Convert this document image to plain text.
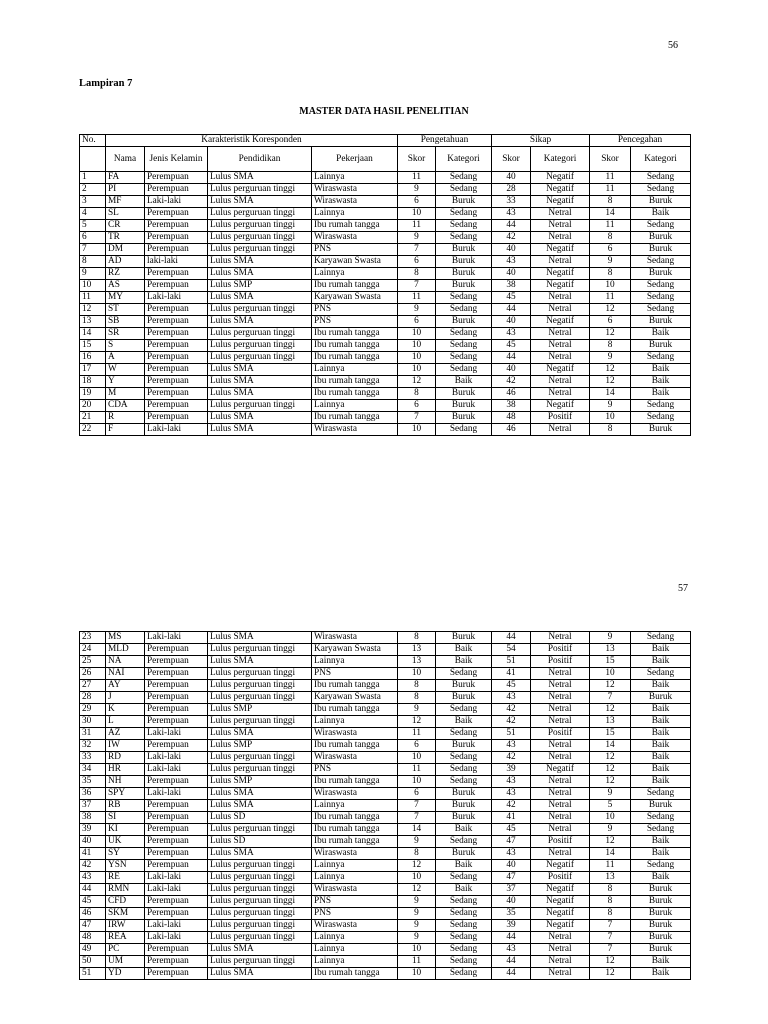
56
Lampiran 7
MASTER DATA HASIL PENELITIAN
No.	Karakteristik Koresponden				Pengetahuan		Sikap		Pencegahan	
	Nama	Jenis Kelamin	Pendidikan	Pekerjaan	Skor	Kategori	Skor	Kategori	Skor	Kategori
1	FA	Perempuan	Lulus SMA	Lainnya	11	Sedang	40	Negatif	11	Sedang
2	PI	Perempuan	Lulus perguruan tinggi	Wiraswasta	9	Sedang	28	Negatif	11	Sedang
3	MF	Laki-laki	Lulus SMA	Wiraswasta	6	Buruk	33	Negatif	8	Buruk
4	SL	Perempuan	Lulus perguruan tinggi	Lainnya	10	Sedang	43	Netral	14	Baik
5	CR	Perempuan	Lulus perguruan tinggi	Ibu rumah tangga	11	Sedang	44	Netral	11	Sedang
6	TR	Perempuan	Lulus perguruan tinggi	Wiraswasta	9	Sedang	42	Netral	8	Buruk
7	DM	Perempuan	Lulus perguruan tinggi	PNS	7	Buruk	40	Negatif	6	Buruk
8	AD	laki-laki	Lulus SMA	Karyawan Swasta	6	Buruk	43	Netral	9	Sedang
9	RZ	Perempuan	Lulus SMA	Lainnya	8	Buruk	40	Negatif	8	Buruk
10	AS	Perempuan	Lulus SMP	Ibu rumah tangga	7	Buruk	38	Negatif	10	Sedang
11	MY	Laki-laki	Lulus SMA	Karyawan Swasta	11	Sedang	45	Netral	11	Sedang
12	ST	Perempuan	Lulus perguruan tinggi	PNS	9	Sedang	44	Netral	12	Sedang
13	SB	Perempuan	Lulus SMA	PNS	6	Buruk	40	Negatif	6	Buruk
14	SR	Perempuan	Lulus perguruan tinggi	Ibu rumah tangga	10	Sedang	43	Netral	12	Baik
15	S	Perempuan	Lulus perguruan tinggi	Ibu rumah tangga	10	Sedang	45	Netral	8	Buruk
16	A	Perempuan	Lulus perguruan tinggi	Ibu rumah tangga	10	Sedang	44	Netral	9	Sedang
17	W	Perempuan	Lulus SMA	Lainnya	10	Sedang	40	Negatif	12	Baik
18	Y	Perempuan	Lulus SMA	Ibu rumah tangga	12	Baik	42	Netral	12	Baik
19	M	Perempuan	Lulus SMA	Ibu rumah tangga	8	Buruk	46	Netral	14	Baik
20	CDA	Perempuan	Lulus perguruan tinggi	Lainnya	6	Buruk	38	Negatif	9	Sedang
21	R	Perempuan	Lulus SMA	Ibu rumah tangga	7	Buruk	48	Positif	10	Sedang
22	F	Laki-laki	Lulus SMA	Wiraswasta	10	Sedang	46	Netral	8	Buruk
57
23	MS	Laki-laki	Lulus SMA	Wiraswasta	8	Buruk	44	Netral	9	Sedang
24	MLD	Perempuan	Lulus perguruan tinggi	Karyawan Swasta	13	Baik	54	Positif	13	Baik
25	NA	Perempuan	Lulus SMA	Lainnya	13	Baik	51	Positif	15	Baik
26	NAI	Perempuan	Lulus perguruan tinggi	PNS	10	Sedang	41	Netral	10	Sedang
27	AY	Perempuan	Lulus perguruan tinggi	Ibu rumah tangga	8	Buruk	45	Netral	12	Baik
28	J	Perempuan	Lulus perguruan tinggi	Karyawan Swasta	8	Buruk	43	Netral	7	Buruk
29	K	Perempuan	Lulus SMP	Ibu rumah tangga	9	Sedang	42	Netral	12	Baik
30	L	Perempuan	Lulus perguruan tinggi	Lainnya	12	Baik	42	Netral	13	Baik
31	AZ	Laki-laki	Lulus SMA	Wiraswasta	11	Sedang	51	Positif	15	Baik
32	IW	Perempuan	Lulus SMP	Ibu rumah tangga	6	Buruk	43	Netral	14	Baik
33	RD	Laki-laki	Lulus perguruan tinggi	Wiraswasta	10	Sedang	42	Netral	12	Baik
34	HR	Laki-laki	Lulus perguruan tinggi	PNS	11	Sedang	39	Negatif	12	Baik
35	NH	Perempuan	Lulus SMP	Ibu rumah tangga	10	Sedang	43	Netral	12	Baik
36	SPY	Laki-laki	Lulus SMA	Wiraswasta	6	Buruk	43	Netral	9	Sedang
37	RB	Perempuan	Lulus SMA	Lainnya	7	Buruk	42	Netral	5	Buruk
38	SI	Perempuan	Lulus SD	Ibu rumah tangga	7	Buruk	41	Netral	10	Sedang
39	KI	Perempuan	Lulus perguruan tinggi	Ibu rumah tangga	14	Baik	45	Netral	9	Sedang
40	UK	Perempuan	Lulus SD	Ibu rumah tangga	9	Sedang	47	Positif	12	Baik
41	SY	Perempuan	Lulus SMA	Wiraswasta	8	Buruk	43	Netral	14	Baik
42	YSN	Perempuan	Lulus perguruan tinggi	Lainnya	12	Baik	40	Negatif	11	Sedang
43	RE	Laki-laki	Lulus perguruan tinggi	Lainnya	10	Sedang	47	Positif	13	Baik
44	RMN	Laki-laki	Lulus perguruan tinggi	Wiraswasta	12	Baik	37	Negatif	8	Buruk
45	CFD	Perempuan	Lulus perguruan tinggi	PNS	9	Sedang	40	Negatif	8	Buruk
46	SKM	Perempuan	Lulus perguruan tinggi	PNS	9	Sedang	35	Negatif	8	Buruk
47	IRW	Laki-laki	Lulus perguruan tinggi	Wiraswasta	9	Sedang	39	Negatif	7	Buruk
48	REA	Laki-laki	Lulus perguruan tinggi	Lainnya	9	Sedang	44	Netral	7	Buruk
49	PC	Perempuan	Lulus SMA	Lainnya	10	Sedang	43	Netral	7	Buruk
50	UM	Perempuan	Lulus perguruan tinggi	Lainnya	11	Sedang	44	Netral	12	Baik
51	YD	Perempuan	Lulus SMA	Ibu rumah tangga	10	Sedang	44	Netral	12	Baik
